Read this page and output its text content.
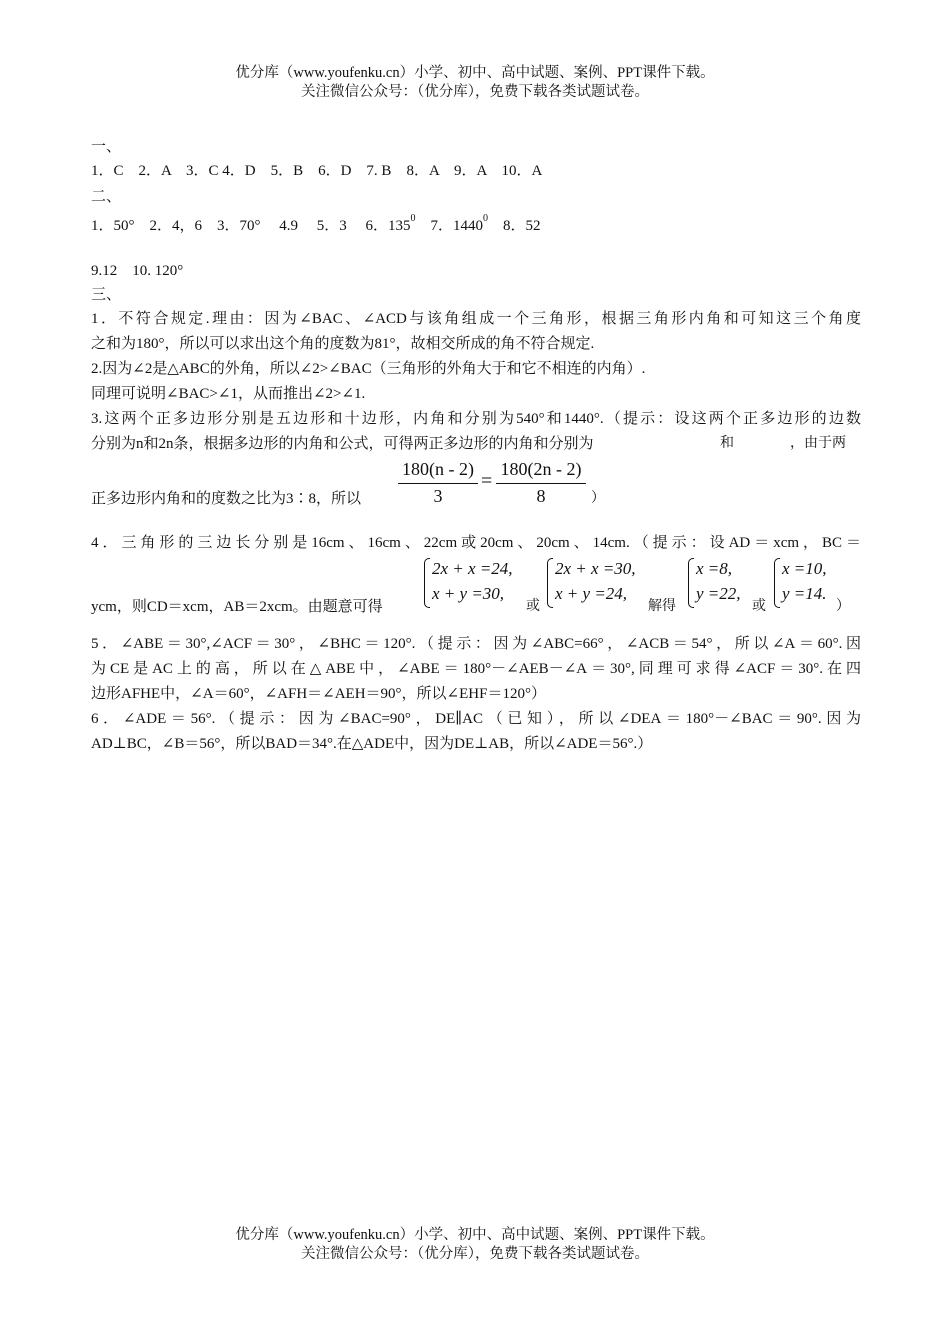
优分库（www.youfenku.cn）小学、初中、高中试题、案例、PPT课件下载。
关注微信公众号：（优分库），免费下载各类试题试卷。
一、
1．C　2．A　3．C 4．D　5．B　6．D　7. B　8．A　9．A　10．A
二、
1．50°　2．4，6　3．70°　 4.9　 5．3　 6．$135^0$　7．1440$^0$　8．52
9.12　10. 120°
三、
1．不符合规定.理由：因为∠BAC、∠ACD与该角组成一个三角形，根据三角形内角和可知这三个角度
之和为180°，所以可以求出这个角的度数为81°，故相交所成的角不符合规定.
2.因为∠2是△ABC的外角，所以∠2>∠BAC（三角形的外角大于和它不相连的内角）.
同理可说明∠BAC>∠1，从而推出∠2>∠1.
3.这两个正多边形分别是五边形和十边形，内角和分别为540°和1440°.（提示：设这两个正多边形的边数
分别为n和2n条，根据多边形的内角和公式，可得两正多边形的内角和分别为	和	，由于两
正多边形内角和的度数之比为3∶8，所以	$\frac{180(n - 2)}{3} = \frac{180(2n - 2)}{8}$ ）
4．三角形的三边长分别是16cm、16cm、22cm或20cm、20cm、14cm.（提示：设AD＝xcm，BC＝
ycm，则CD＝xcm，AB＝2xcm。由题意可得
2x + x =24,
x + y =30,
或
2x + x =30,
x + y =24,
解得
x =8,
y =22,
或
x =10,
y =14.
）
5．∠ABE＝30°,∠ACF＝30°，∠BHC＝120°.（提示：因为∠ABC=66°，∠ACB＝54°，所以∠A＝60°.因
为CE是AC上的高，所以在△ABE中，∠ABE＝180°－∠AEB－∠A＝30°,同理可求得∠ACF＝30°.在四
边形AFHE中，∠A＝60°，∠AFH＝∠AEH＝90°，所以∠EHF＝120°）
6．∠ADE＝56°.（提示：因为∠BAC=90°，DE∥AC（已知），所以∠DEA＝180°－∠BAC＝90°.因为
AD⊥BC，∠B＝56°，所以BAD＝34°.在△ADE中，因为DE⊥AB，所以∠ADE＝56°.）
优分库（www.youfenku.cn）小学、初中、高中试题、案例、PPT课件下载。
关注微信公众号：（优分库），免费下载各类试题试卷。
